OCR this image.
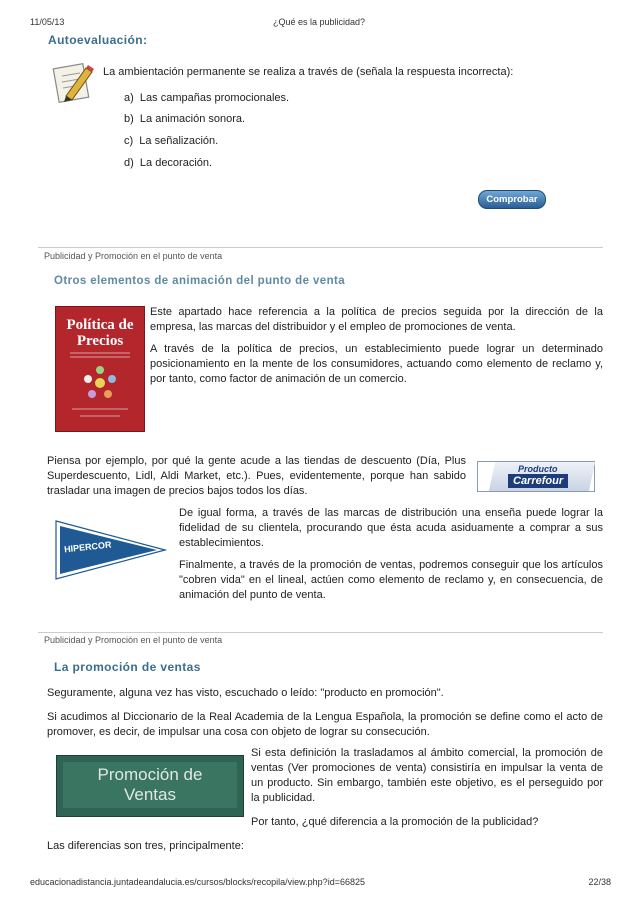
11/05/13	¿Qué es la publicidad?
Autoevaluación:
La ambientación permanente se realiza a través de (señala la respuesta incorrecta):
a) Las campañas promocionales.
b) La animación sonora.
c) La señalización.
d) La decoración.
Comprobar
Publicidad y Promoción en el punto de venta
Otros elementos de animación del punto de venta
Política de Precios
Este apartado hace referencia a la política de precios seguida por la dirección de la empresa, las marcas del distribuidor y el empleo de promociones de venta.
A través de la política de precios, un establecimiento puede lograr un determinado posicionamiento en la mente de los consumidores, actuando como elemento de reclamo y, por tanto, como factor de animación de un comercio.
Piensa por ejemplo, por qué la gente acude a las tiendas de descuento (Día, Plus Superdescuento, Lidl, Aldi Market, etc.). Pues, evidentemente, porque han sabido trasladar una imagen de precios bajos todos los días.
Producto
Carrefour
HIPERCOR
De igual forma, a través de las marcas de distribución una enseña puede lograr la fidelidad de su clientela, procurando que ésta acuda asiduamente a comprar a sus establecimientos.
Finalmente, a través de la promoción de ventas, podremos conseguir que los artículos "cobren vida" en el lineal, actúen como elemento de reclamo y, en consecuencia, de animación del punto de venta.
Publicidad y Promoción en el punto de venta
La promoción de ventas
Seguramente, alguna vez has visto, escuchado o leído: "producto en promoción".
Si acudimos al Diccionario de la Real Academia de la Lengua Española, la promoción se define como el acto de promover, es decir, de impulsar una cosa con objeto de lograr su consecución.
Promoción de
Ventas
Si esta definición la trasladamos al ámbito comercial, la promoción de ventas (Ver promociones de venta) consistiría en impulsar la venta de un producto. Sin embargo, también este objetivo, es el perseguido por la publicidad.
Por tanto, ¿qué diferencia a la promoción de la publicidad?
Las diferencias son tres, principalmente:
educacionadistancia.juntadeandalucia.es/cursos/blocks/recopila/view.php?id=66825	22/38
